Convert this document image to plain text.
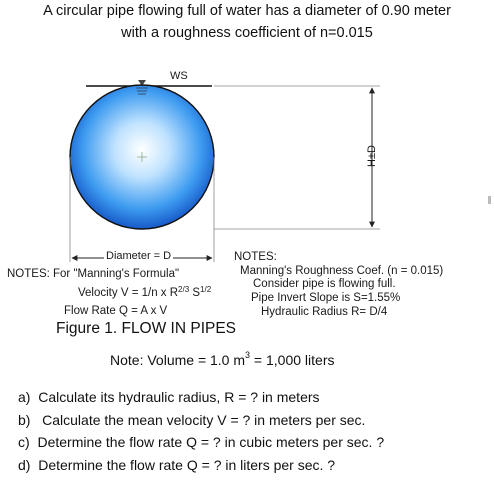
A circular pipe flowing full of water has a diameter of 0.90 meter
with a roughness coefficient of n=0.015
WS
H±D
Diameter = D	NOTES:
Manning's Roughness Coef. (n = 0.015)
Consider pipe is flowing full.
Pipe Invert Slope is S=1.55%
Hydraulic Radius R= D/4
NOTES: For "Manning's Formula"
Velocity V = 1/n x $R^{2/3}$ $S^{1/2}$
Flow Rate Q = A x V
Figure 1. FLOW IN PIPES
Note: Volume = 1.0 $m^3 = 1,000$ liters
a) Calculate its hydraulic radius, R = ? in meters
b)   Calculate the mean velocity V = ? in meters per sec.
c) Determine the flow rate Q = ? in cubic meters per sec. ?
d) Determine the flow rate Q = ? in liters per sec. ?
